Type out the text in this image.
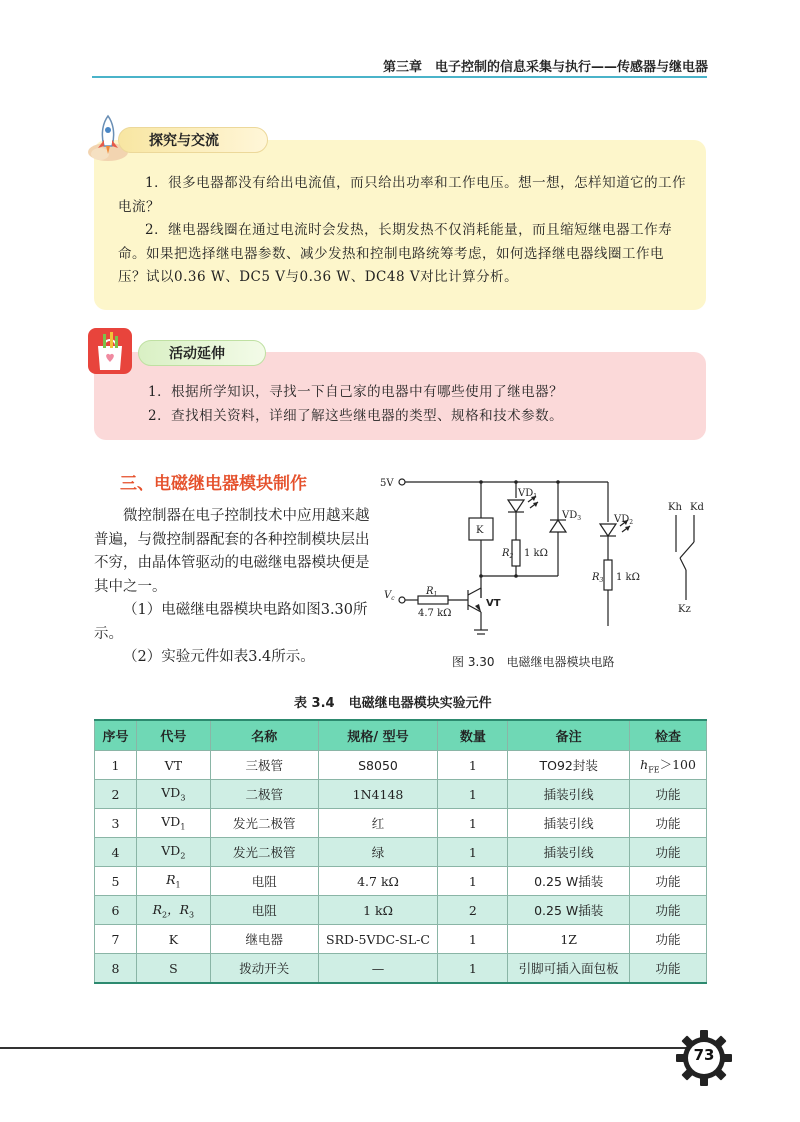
第三章　电子控制的信息采集与执行——传感器与继电器
探究与交流

1．很多电器都没有给出电流值，而只给出功率和工作电压。想一想，怎样知道它的工作电流？

2．继电器线圈在通过电流时会发热，长期发热不仅消耗能量，而且缩短继电器工作寿命。如果把选择继电器参数、减少发热和控制电路统筹考虑，如何选择继电器线圈工作电压？试以0.36 W、DC5 V与0.36 W、DC48 V对比计算分析。

活动延伸

1．根据所学知识，寻找一下自己家的电器中有哪些使用了继电器？

2．查找相关资料，详细了解这些继电器的类型、规格和技术参数。

三、电磁继电器模块制作

微控制器在电子控制技术中应用越来越普遍，与微控制器配套的各种控制模块层出不穷，由晶体管驱动的电磁继电器模块便是其中之一。

（1）电磁继电器模块电路如图3.30所示。

（2）实验元件如表3.4所示。

5V
K
$VD_1$
$VD_3$	$VD_2$
$R_2$ 1 kΩ
$R_3$ 1 kΩ
$R_1$
4.7 kΩ
$V_c$	VT
Kh Kd
Kz
图 3.30 电磁继电器模块电路
表 3.4 电磁继电器模块实验元件
序号	代号	名称	规格/ 型号	数量	备注	检查
1	VT	三极管	S8050	1	TO92封装	$h_{FE}>100$
2	$VD_3$	二极管	1N4148	1	插装引线	功能
3	$VD_1$	发光二极管	红	1	插装引线	功能
4	$VD_2$	发光二极管	绿	1	插装引线	功能
5	$R_1$	电阻	4.7 kΩ	1	0.25 W插装	功能
6	$R_2$，$R_3$	电阻	1 kΩ	2	0.25 W插装	功能
7	K	继电器	SRD-5VDC-SL-C	1	1Z	功能
8	S	拨动开关	—	1	引脚可插入面包板	功能
73
